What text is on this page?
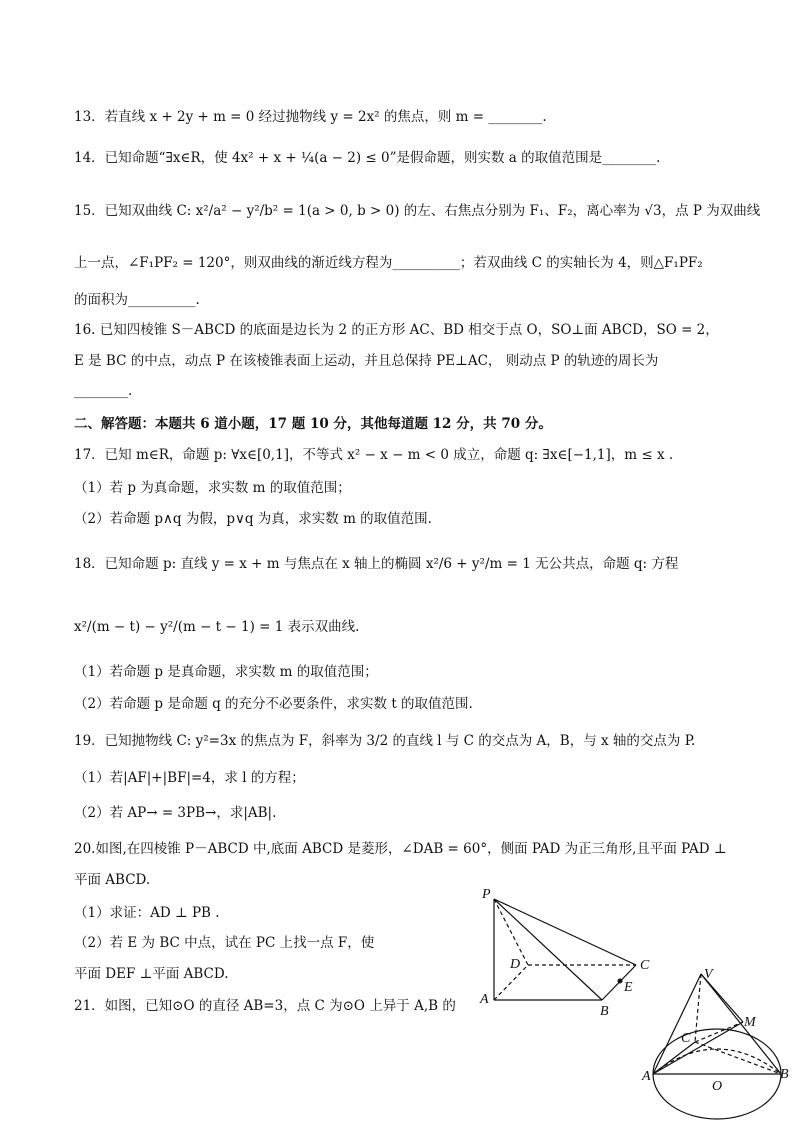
13．若直线 x + 2y + m = 0 经过抛物线 y = 2x² 的焦点，则 m = ________.
14．已知命题“∃x∈R，使 4x² + x + ¼(a − 2) ≤ 0”是假命题，则实数 a 的取值范围是________.
15．已知双曲线 C: x²/a² − y²/b² = 1(a > 0, b > 0) 的左、右焦点分别为 F₁、F₂，离心率为 √3，点 P 为双曲线
上一点，∠F₁PF₂ = 120°，则双曲线的渐近线方程为__________；若双曲线 C 的实轴长为 4，则△F₁PF₂
的面积为__________.
16. 已知四棱锥 S－ABCD 的底面是边长为 2 的正方形 AC、BD 相交于点 O，SO⊥面 ABCD，SO = 2，
E 是 BC 的中点，动点 P 在该棱锥表面上运动，并且总保持 PE⊥AC， 则动点 P 的轨迹的周长为
________.
二、解答题：本题共 6 道小题，17 题 10 分，其他每道题 12 分，共 70 分。
17．已知 m∈R，命题 p: ∀x∈[0,1]，不等式 x² − x − m < 0 成立，命题 q: ∃x∈[−1,1]，m ≤ x .
（1）若 p 为真命题，求实数 m 的取值范围；
（2）若命题 p∧q 为假，p∨q 为真，求实数 m 的取值范围.
18．已知命题 p: 直线 y = x + m 与焦点在 x 轴上的椭圆 x²/6 + y²/m = 1 无公共点，命题 q: 方程
x²/(m − t) − y²/(m − t − 1) = 1 表示双曲线.
（1）若命题 p 是真命题，求实数 m 的取值范围；
（2）若命题 p 是命题 q 的充分不必要条件，求实数 t 的取值范围.
19．已知抛物线 C: y²=3x 的焦点为 F，斜率为 3/2 的直线 l 与 C 的交点为 A，B，与 x 轴的交点为 P.
（1）若|AF|+|BF|=4，求 l 的方程；
（2）若 AP→ = 3PB→，求|AB|.
20.如图,在四棱锥 P－ABCD 中,底面 ABCD 是菱形，∠DAB = 60°，侧面 PAD 为正三角形,且平面 PAD ⊥
平面 ABCD.
（1）求证：AD ⊥ PB .
（2）若 E 为 BC 中点，试在 PC 上找一点 F，使
平面 DEF ⊥平面 ABCD.
21．如图，已知⊙O 的直径 AB=3，点 C 为⊙O 上异于 A,B 的
P
D	C
E
A
B
V
M
C
A
O
B
